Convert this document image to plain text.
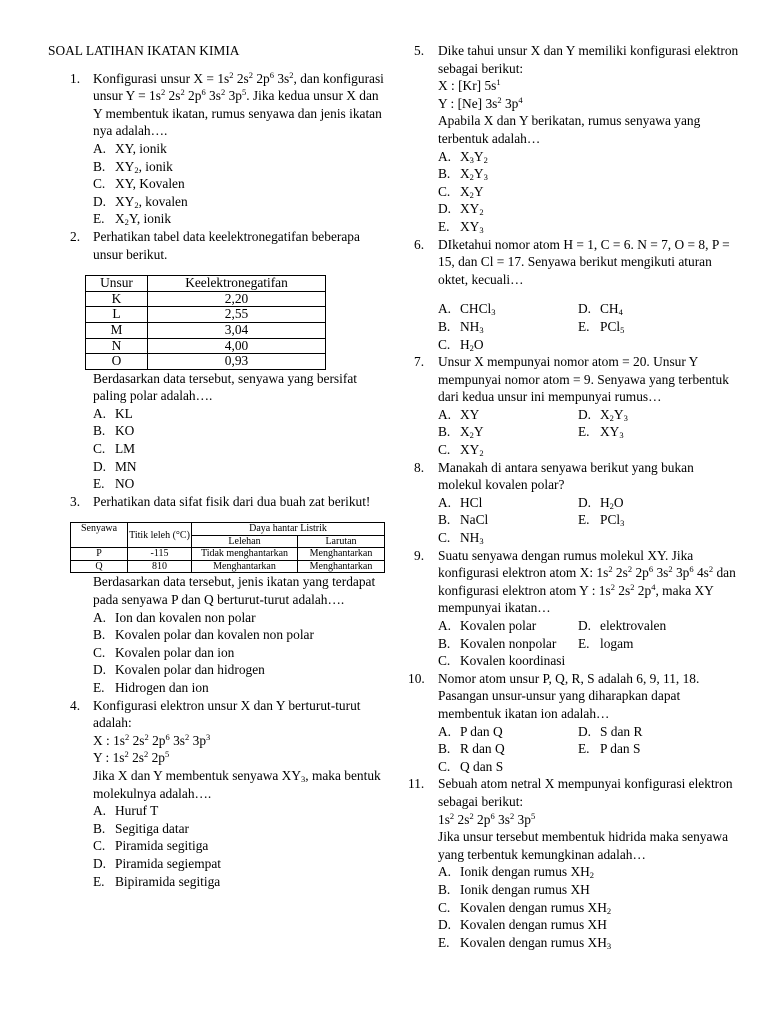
SOAL LATIHAN IKATAN KIMIA
1. Konfigurasi unsur $X = 1s^2$ $2s^2$ $2p^6$ $3s^2$, dan konfigurasi unsur $Y = 1s^2$ $2s^2$ $2p^6$ $3s^2$ $3p^5$. Jika kedua unsur X dan Y membentuk ikatan, rumus senyawa dan jenis ikatan nya adalah….
A. XY, ionik
B. $XY_2$, ionik
C. XY, Kovalen
D. $XY_2$, kovalen
E. $X_2Y$, ionik
2. Perhatikan tabel data keelektronegatifan beberapa unsur berikut.
Unsur	Keelektronegatifan
K	2,20
L	2,55
M	3,04
N	4,00
O	0,93
Berdasarkan data tersebut, senyawa yang bersifat paling polar adalah….
A. KL
B. KO
C. LM
D. MN
E. NO
3. Perhatikan data sifat fisik dari dua buah zat berikut!
Senyawa	Titik leleh (°C)	Daya hantar Listrik	
		Lelehan	Larutan
P	-115	Tidak menghantarkan	Menghantarkan
Q	810	Menghantarkan	Menghantarkan
Berdasarkan data tersebut, jenis ikatan yang terdapat pada senyawa P dan Q berturut-turut adalah….
A. Ion dan kovalen non polar
B. Kovalen polar dan kovalen non polar
C. Kovalen polar dan ion
D. Kovalen polar dan hidrogen
E. Hidrogen dan ion
4. Konfigurasi elektron unsur X dan Y berturut-turut adalah:
X : $1s^2$ $2s^2$ $2p^6$ $3s^2$ $3p^3$
Y : $1s^2$ $2s^2$ $2p^5$
Jika X dan Y membentuk senyawa $XY_3$, maka bentuk molekulnya adalah….
A. Huruf T
B. Segitiga datar
C. Piramida segitiga
D. Piramida segiempat
E. Bipiramida segitiga
5. Dike tahui unsur X dan Y memiliki konfigurasi elektron sebagai berikut:
X : [Kr] $5s^1$
Y : [Ne] $3s^2$ $3p^4$
Apabila X dan Y berikatan, rumus senyawa yang terbentuk adalah…
A. $X_3Y_2$
B. $X_2Y_3$
C. $X_2Y$
D. $XY_2$
E. $XY_3$
6. DIketahui nomor atom H = 1, C = 6. N = 7, O = 8, P = 15, dan Cl = 17. Senyawa berikut mengikuti aturan oktet, kecuali…
A. CHCl$_3$	D. $CH_4$
B. $NH_3$	E. PCl$_5$
C. $H_2O$
7. Unsur X mempunyai nomor atom = 20. Unsur Y mempunyai nomor atom = 9. Senyawa yang terbentuk dari kedua unsur ini mempunyai rumus…
A. XY	D. $X_2Y_3$
B. $X_2Y$	E. $XY_3$
C. $XY_2$
8. Manakah di antara senyawa berikut yang bukan molekul kovalen polar?
A. HCl	D. $H_2O$
B. NaCl	E. PCl$_3$
C. $NH_3$
9. Suatu senyawa dengan rumus molekul XY. Jika konfigurasi elektron atom X: $1s^2$ $2s^2$ $2p^6$ $3s^2$ $3p^6$ $4s^2$ dan  konfigurasi elektron atom Y : $1s^2$ $2s^2$ $2p^4$, maka XY mempunyai ikatan…
A. Kovalen polar	D. elektrovalen
B. Kovalen nonpolar	E. logam
C. Kovalen koordinasi
10. Nomor atom unsur P, Q, R, S adalah 6, 9, 11, 18. Pasangan unsur-unsur yang diharapkan dapat membentuk ikatan ion adalah…
A. P dan Q	D. S dan R
B. R dan Q	E. P dan S
C. Q dan S
11. Sebuah atom netral X mempunyai konfigurasi elektron sebagai berikut:
$1s^2$ $2s^2$ $2p^6$ $3s^2$ $3p^5$
Jika unsur tersebut membentuk hidrida maka senyawa yang terbentuk kemungkinan adalah…
A. Ionik dengan rumus $XH_2$
B. Ionik dengan rumus XH
C. Kovalen dengan rumus $XH_2$
D. Kovalen dengan rumus XH
E. Kovalen dengan rumus $XH_3$
